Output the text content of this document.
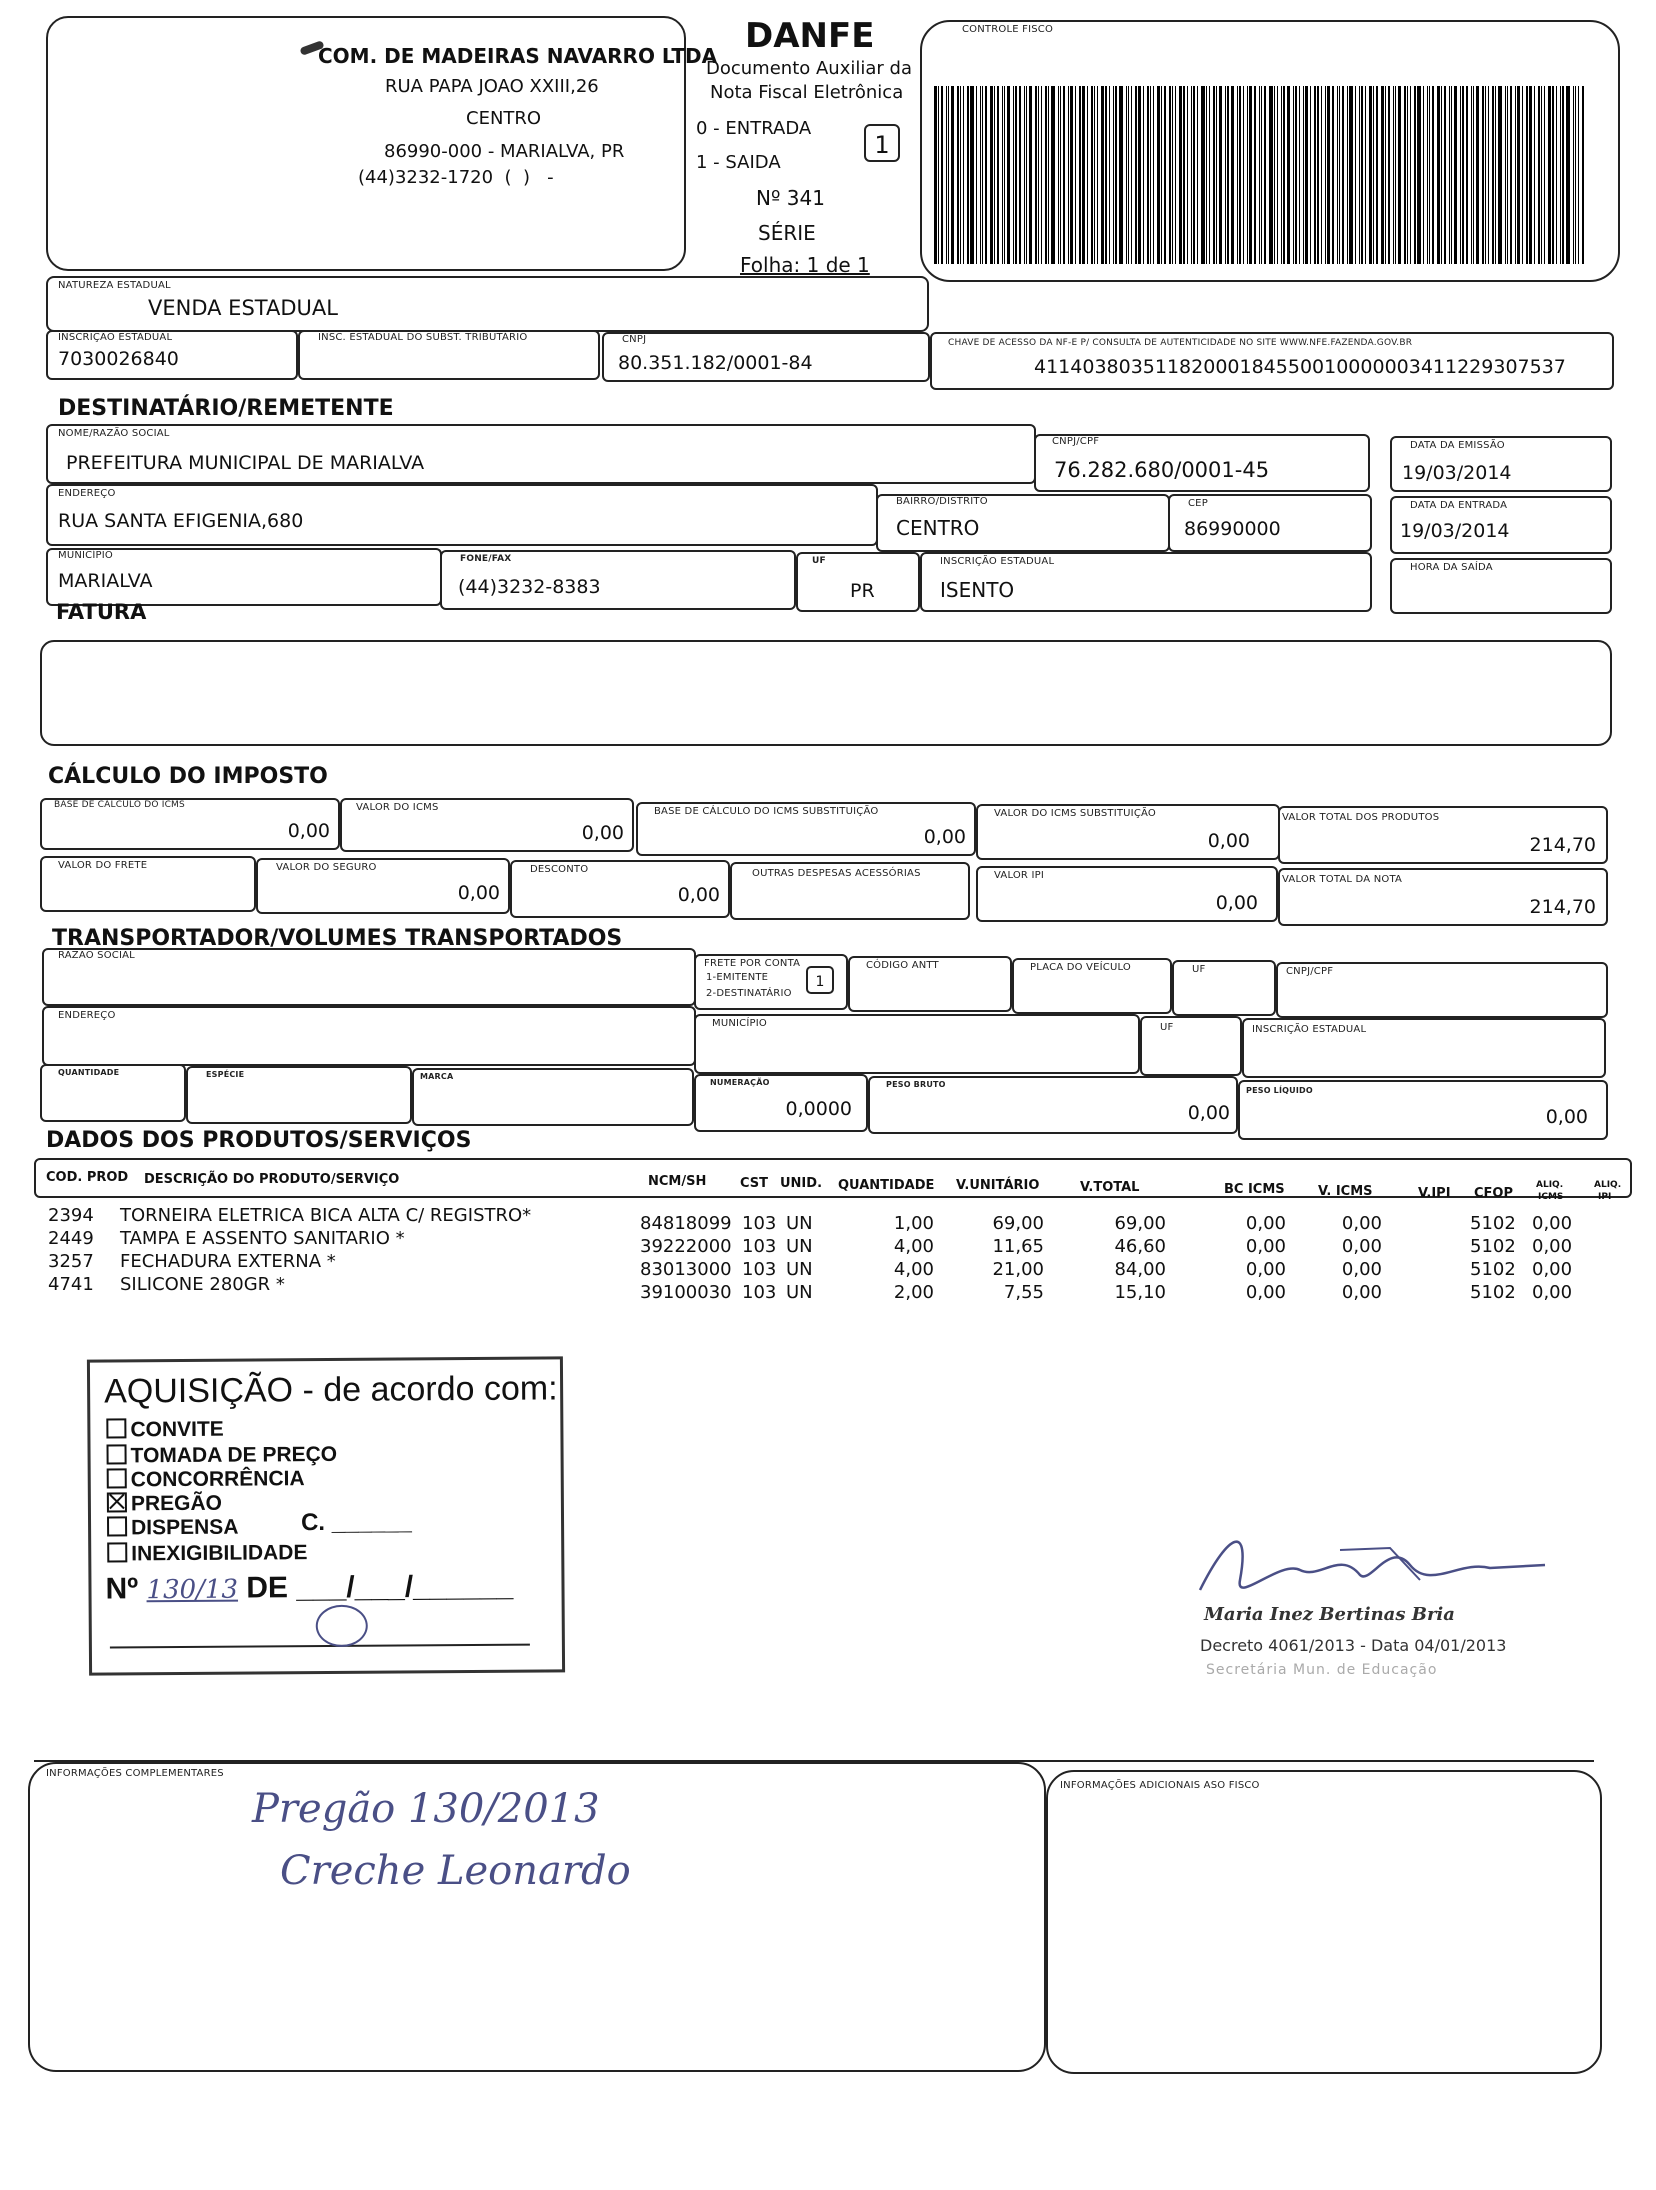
COM. DE MADEIRAS NAVARRO LTDA
RUA PAPA JOAO XXIII,26
CENTRO
86990-000 - MARIALVA, PR
(44)3232-1720  (  )   -
DANFE
Documento Auxiliar da
Nota Fiscal Eletrônica
0 - ENTRADA
1 - SAIDA
1
Nº 341
SÉRIE
Folha: 1 de 1
CONTROLE FISCO
NATUREZA ESTADUAL
VENDA ESTADUAL
INSCRIÇÃO ESTADUAL
7030026840
INSC. ESTADUAL DO SUBST. TRIBUTÁRIO	CNPJ
80.351.182/0001-84
CHAVE DE ACESSO DA NF-E P/ CONSULTA DE AUTENTICIDADE NO SITE WWW.NFE.FAZENDA.GOV.BR
41140380351182000184550010000003411229307537
DESTINATÁRIO/REMETENTE
NOME/RAZÃO SOCIAL
PREFEITURA MUNICIPAL DE MARIALVA
CNPJ/CPF
76.282.680/0001-45
DATA DA EMISSÃO
19/03/2014
ENDEREÇO
RUA SANTA EFIGENIA,680
BAIRRO/DISTRITO
CENTRO
CEP
86990000
DATA DA ENTRADA
19/03/2014
MUNICÍPIO
MARIALVA
FONE/FAX
(44)3232-8383
UF
PR
INSCRIÇÃO ESTADUAL
ISENTO
HORA DA SAÍDA
FATURA
CÁLCULO DO IMPOSTO
BASE DE CÁLCULO DO ICMS
0,00
VALOR DO ICMS
0,00
BASE DE CÁLCULO DO ICMS SUBSTITUIÇÃO
0,00
VALOR DO ICMS SUBSTITUIÇÃO
0,00
VALOR TOTAL DOS PRODUTOS
214,70
VALOR DO FRETE	VALOR DO SEGURO
0,00
DESCONTO
0,00
OUTRAS DESPESAS ACESSÓRIAS	VALOR IPI
0,00
VALOR TOTAL DA NOTA
214,70
TRANSPORTADOR/VOLUMES TRANSPORTADOS
RAZÃO SOCIAL
FRETE POR CONTA
1-EMITENTE
2-DESTINATÁRIO
1
CÓDIGO ANTT	PLACA DO VEÍCULO	UF	CNPJ/CPF
ENDEREÇO
MUNICÍPIO	UF	INSCRIÇÃO ESTADUAL
QUANTIDADE	ESPÉCIE	MARCA
NUMERAÇÃO
0,0000
PESO BRUTO
0,00
PESO LÍQUIDO
0,00
DADOS DOS PRODUTOS/SERVIÇOS
COD. PROD DESCRIÇÃO DO PRODUTO/SERVIÇO	NCM/SH	CST UNID. QUANTIDADE V.UNITÁRIO	V.TOTAL	BC ICMS	V. ICMS	V.IPI CFOP
ALIQ.
ICMS
ALIQ.
IPI
2394 TORNEIRA ELETRICA BICA ALTA C/ REGISTRO*	84818099 103 UN	1,00	69,00	69,00	0,00	0,00	5102 0,00
2449 TAMPA E ASSENTO SANITARIO *	39222000 103 UN	4,00	11,65	46,60	0,00	0,00	5102 0,00
3257 FECHADURA EXTERNA *	83013000 103 UN	4,00	21,00	84,00	0,00	0,00	5102 0,00
4741 SILICONE 280GR *	39100030 103 UN	2,00	7,55	15,10	0,00	0,00	5102 0,00
AQUISIÇÃO - de acordo com:
CONVITE
TOMADA DE PREÇO
CONCORRÊNCIA
PREGÃO
DISPENSA	C. ______
INEXIGIBILIDADE
Nº 130/13 DE ___/___/______
Maria Inez Bertinas Bria
Decreto 4061/2013 - Data 04/01/2013
Secretária Mun. de Educação
INFORMAÇÕES COMPLEMENTARES
Pregão 130/2013
Creche Leonardo
INFORMAÇÕES ADICIONAIS ASO FISCO
